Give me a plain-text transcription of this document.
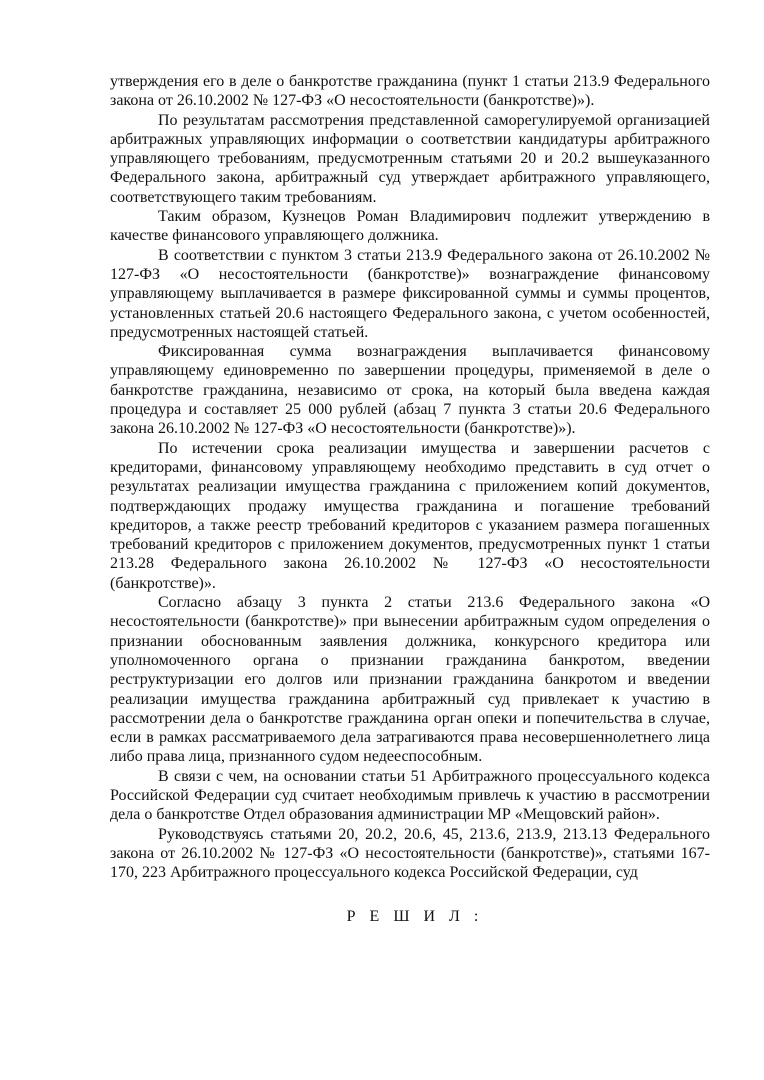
утверждения его в деле о банкротстве гражданина (пункт 1 статьи 213.9 Федерального закона от 26.10.2002 № 127-ФЗ «О несостоятельности (банкротстве)»).

По результатам рассмотрения представленной саморегулируемой организацией арбитражных управляющих информации о соответствии кандидатуры арбитражного управляющего требованиям, предусмотренным статьями 20 и 20.2 вышеуказанного Федерального закона, арбитражный суд утверждает арбитражного управляющего, соответствующего таким требованиям.

Таким образом, Кузнецов Роман Владимирович подлежит утверждению в качестве финансового управляющего должника.

В соответствии с пунктом 3 статьи 213.9 Федерального закона от 26.10.2002 № 127-ФЗ «О несостоятельности (банкротстве)» вознаграждение финансовому управляющему выплачивается в размере фиксированной суммы и суммы процентов, установленных статьей 20.6 настоящего Федерального закона, с учетом особенностей, предусмотренных настоящей статьей.

Фиксированная сумма вознаграждения выплачивается финансовому управляющему единовременно по завершении процедуры, применяемой в деле о банкротстве гражданина, независимо от срока, на который была введена каждая процедура и составляет 25 000 рублей (абзац 7 пункта 3 статьи 20.6 Федерального закона 26.10.2002 № 127-ФЗ «О несостоятельности (банкротстве)»).

По истечении срока реализации имущества и завершении расчетов с кредиторами, финансовому управляющему необходимо представить в суд отчет о результатах реализации имущества гражданина с приложением копий документов, подтверждающих продажу имущества гражданина и погашение требований кредиторов, а также реестр требований кредиторов с указанием размера погашенных требований кредиторов с приложением документов, предусмотренных пункт 1 статьи 213.28 Федерального закона 26.10.2002 № 127-ФЗ «О несостоятельности (банкротстве)».

Согласно абзацу 3 пункта 2 статьи 213.6 Федерального закона «О несостоятельности (банкротстве)» при вынесении арбитражным судом определения о признании обоснованным заявления должника, конкурсного кредитора или уполномоченного органа о признании гражданина банкротом, введении реструктуризации его долгов или признании гражданина банкротом и введении реализации имущества гражданина арбитражный суд привлекает к участию в рассмотрении дела о банкротстве гражданина орган опеки и попечительства в случае, если в рамках рассматриваемого дела затрагиваются права несовершеннолетнего лица либо права лица, признанного судом недееспособным.

В связи с чем, на основании статьи 51 Арбитражного процессуального кодекса Российской Федерации суд считает необходимым привлечь к участию в рассмотрении дела о банкротстве Отдел образования администрации МР «Мещовский район».

Руководствуясь статьями 20, 20.2, 20.6, 45, 213.6, 213.9, 213.13 Федерального закона от 26.10.2002 № 127-ФЗ «О несостоятельности (банкротстве)», статьями 167-170, 223 Арбитражного процессуального кодекса Российской Федерации, суд

Р Е Ш И Л :
